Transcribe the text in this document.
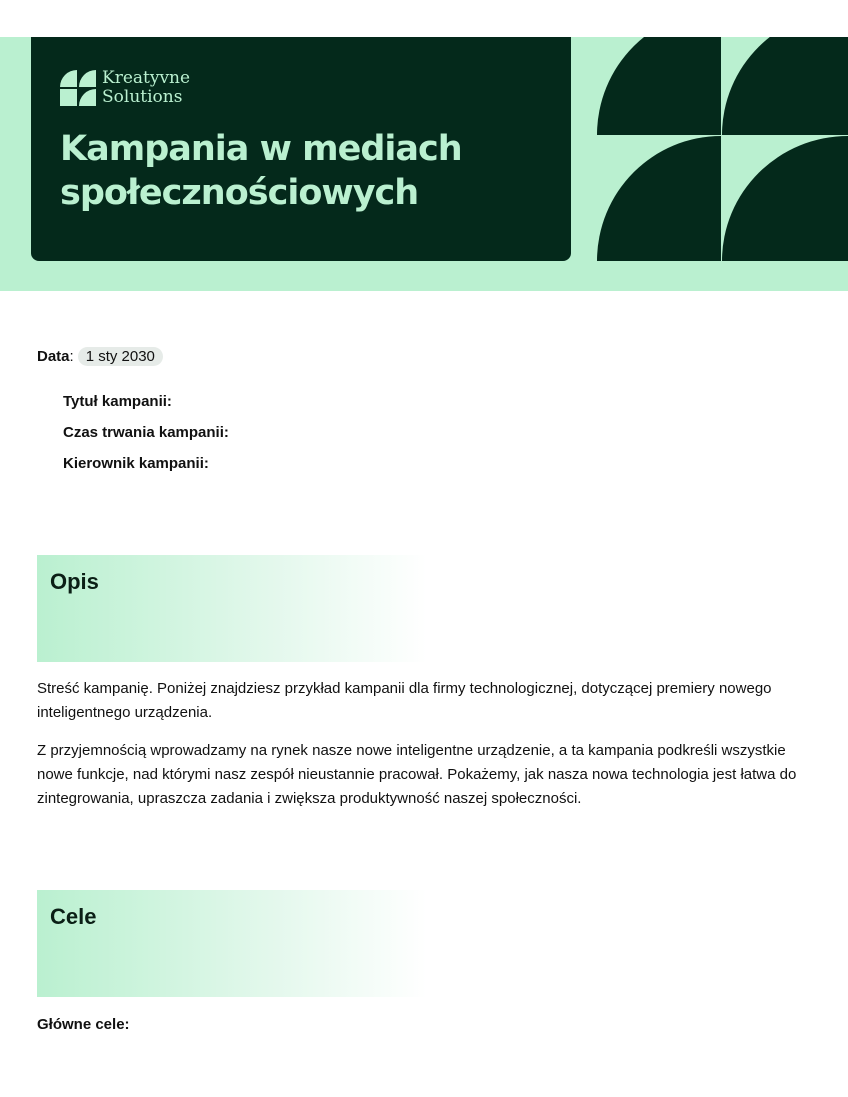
Kreatyvne
Solutions
Kampania w mediach
społecznościowych
Data: 1 sty 2030
Tytuł kampanii:
Czas trwania kampanii:
Kierownik kampanii:
Opis

Streść kampanię. Poniżej znajdziesz przykład kampanii dla firmy technologicznej, dotyczącej premiery nowego inteligentnego urządzenia.

Z przyjemnością wprowadzamy na rynek nasze nowe inteligentne urządzenie, a ta kampania podkreśli wszystkie nowe funkcje, nad którymi nasz zespół nieustannie pracował. Pokażemy, jak nasza nowa technologia jest łatwa do zintegrowania, upraszcza zadania i zwiększa produktywność naszej społeczności.

Cele

Główne cele:
